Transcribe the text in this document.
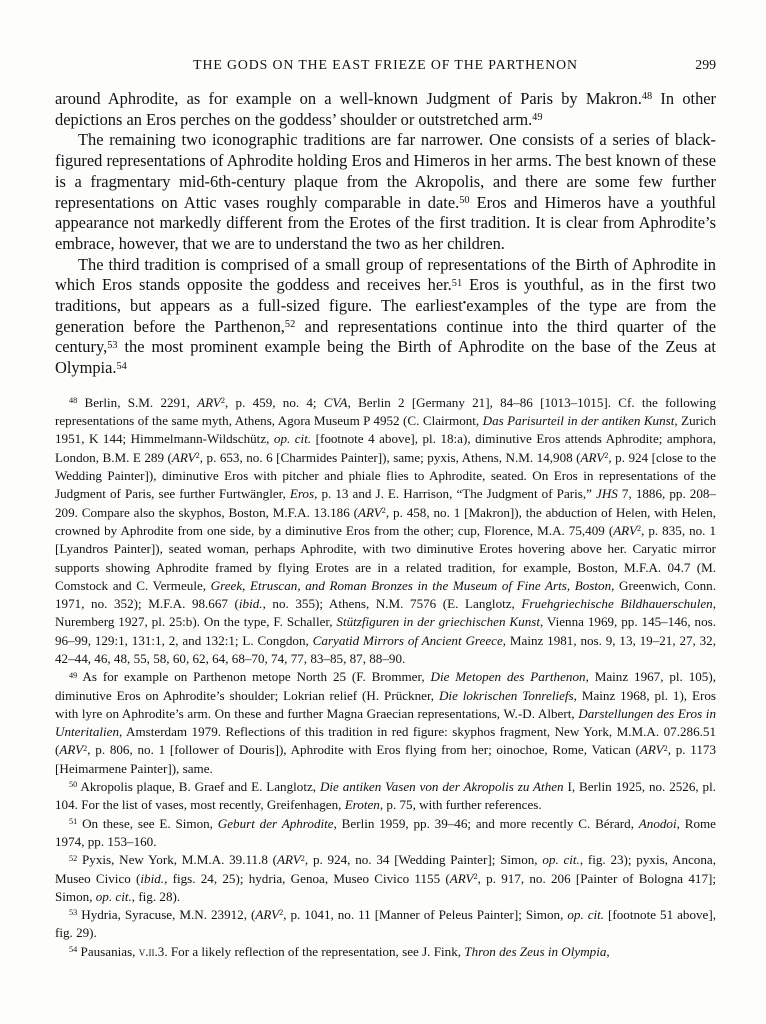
THE GODS ON THE EAST FRIEZE OF THE PARTHENON	299

around Aphrodite, as for example on a well-known Judgment of Paris by Makron.$^{48}$ In other depictions an Eros perches on the goddess’ shoulder or outstretched arm.$^{49}$

The remaining two iconographic traditions are far narrower. One consists of a series of black-figured representations of Aphrodite holding Eros and Himeros in her arms. The best known of these is a fragmentary mid-6th-century plaque from the Akropolis, and there are some few further representations on Attic vases roughly comparable in date.$^{50}$ Eros and Himeros have a youthful appearance not markedly different from the Erotes of the first tradition. It is clear from Aphrodite’s embrace, however, that we are to understand the two as her children.

The third tradition is comprised of a small group of representations of the Birth of Aphrodite in which Eros stands opposite the goddess and receives her.$^{51}$ Eros is youthful, as in the first two traditions, but appears as a full-sized figure. The earliest•examples of the type are from the generation before the Parthenon,$^{52}$ and representations continue into the third quarter of the century,$^{53}$ the most prominent example being the Birth of Aphrodite on the base of the Zeus at Olympia.$^{54}$

$^{48}$ Berlin, S.M. 2291, ARV$^2$, p. 459, no. 4; CVA, Berlin 2 [Germany 21], 84–86 [1013–1015]. Cf. the following representations of the same myth, Athens, Agora Museum P 4952 (C. Clairmont, Das Parisurteil in der antiken Kunst, Zurich 1951, K 144; Himmelmann-Wildschütz, op. cit. [footnote 4 above], pl. 18:a), diminutive Eros attends Aphrodite; amphora, London, B.M. E 289 (ARV$^2$, p. 653, no. 6 [Charmides Painter]), same; pyxis, Athens, N.M. 14,908 (ARV$^2$, p. 924 [close to the Wedding Painter]), diminutive Eros with pitcher and phiale flies to Aphrodite, seated. On Eros in representations of the Judgment of Paris, see further Furtwängler, Eros, p. 13 and J. E. Harrison, “The Judgment of Paris,” JHS 7, 1886, pp. 208–209. Compare also the skyphos, Boston, M.F.A. 13.186 (ARV$^2$, p. 458, no. 1 [Makron]), the abduction of Helen, with Helen, crowned by Aphrodite from one side, by a diminutive Eros from the other; cup, Florence, M.A. 75,409 (ARV$^2$, p. 835, no. 1 [Lyandros Painter]), seated woman, perhaps Aphrodite, with two diminutive Erotes hovering above her. Caryatic mirror supports showing Aphrodite framed by flying Erotes are in a related tradition, for example, Boston, M.F.A. 04.7 (M. Comstock and C. Vermeule, Greek, Etruscan, and Roman Bronzes in the Museum of Fine Arts, Boston, Greenwich, Conn. 1971, no. 352); M.F.A. 98.667 (ibid., no. 355); Athens, N.M. 7576 (E. Langlotz, Fruehgriechische Bildhauerschulen, Nuremberg 1927, pl. 25:b). On the type, F. Schaller, Stützfiguren in der griechischen Kunst, Vienna 1969, pp. 145–146, nos. 96–99, 129:1, 131:1, 2, and 132:1; L. Congdon, Caryatid Mirrors of Ancient Greece, Mainz 1981, nos. 9, 13, 19–21, 27, 32, 42–44, 46, 48, 55, 58, 60, 62, 64, 68–70, 74, 77, 83–85, 87, 88–90.

$^{49}$ As for example on Parthenon metope North 25 (F. Brommer, Die Metopen des Parthenon, Mainz 1967, pl. 105), diminutive Eros on Aphrodite’s shoulder; Lokrian relief (H. Prückner, Die lokrischen Tonreliefs, Mainz 1968, pl. 1), Eros with lyre on Aphrodite’s arm. On these and further Magna Graecian representations, W.-D. Albert, Darstellungen des Eros in Unteritalien, Amsterdam 1979. Reflections of this tradition in red figure: skyphos fragment, New York, M.M.A. 07.286.51 (ARV$^2$, p. 806, no. 1 [follower of Douris]), Aphrodite with Eros flying from her; oinochoe, Rome, Vatican (ARV$^2$, p. 1173 [Heimarmene Painter]), same.

$^{50}$ Akropolis plaque, B. Graef and E. Langlotz, Die antiken Vasen von der Akropolis zu Athen I, Berlin 1925, no. 2526, pl. 104. For the list of vases, most recently, Greifenhagen, Eroten, p. 75, with further references.

$^{51}$ On these, see E. Simon, Geburt der Aphrodite, Berlin 1959, pp. 39–46; and more recently C. Bérard, Anodoi, Rome 1974, pp. 153–160.

$^{52}$ Pyxis, New York, M.M.A. 39.11.8 (ARV$^2$, p. 924, no. 34 [Wedding Painter]; Simon, op. cit., fig. 23); pyxis, Ancona, Museo Civico (ibid., figs. 24, 25); hydria, Genoa, Museo Civico 1155 (ARV$^2$, p. 917, no. 206 [Painter of Bologna 417]; Simon, op. cit., fig. 28).

$^{53}$ Hydria, Syracuse, M.N. 23912, (ARV$^2$, p. 1041, no. 11 [Manner of Peleus Painter]; Simon, op. cit. [footnote 51 above], fig. 29).

$^{54}$ Pausanias, v.ii.3. For a likely reflection of the representation, see J. Fink, Thron des Zeus in Olympia,
